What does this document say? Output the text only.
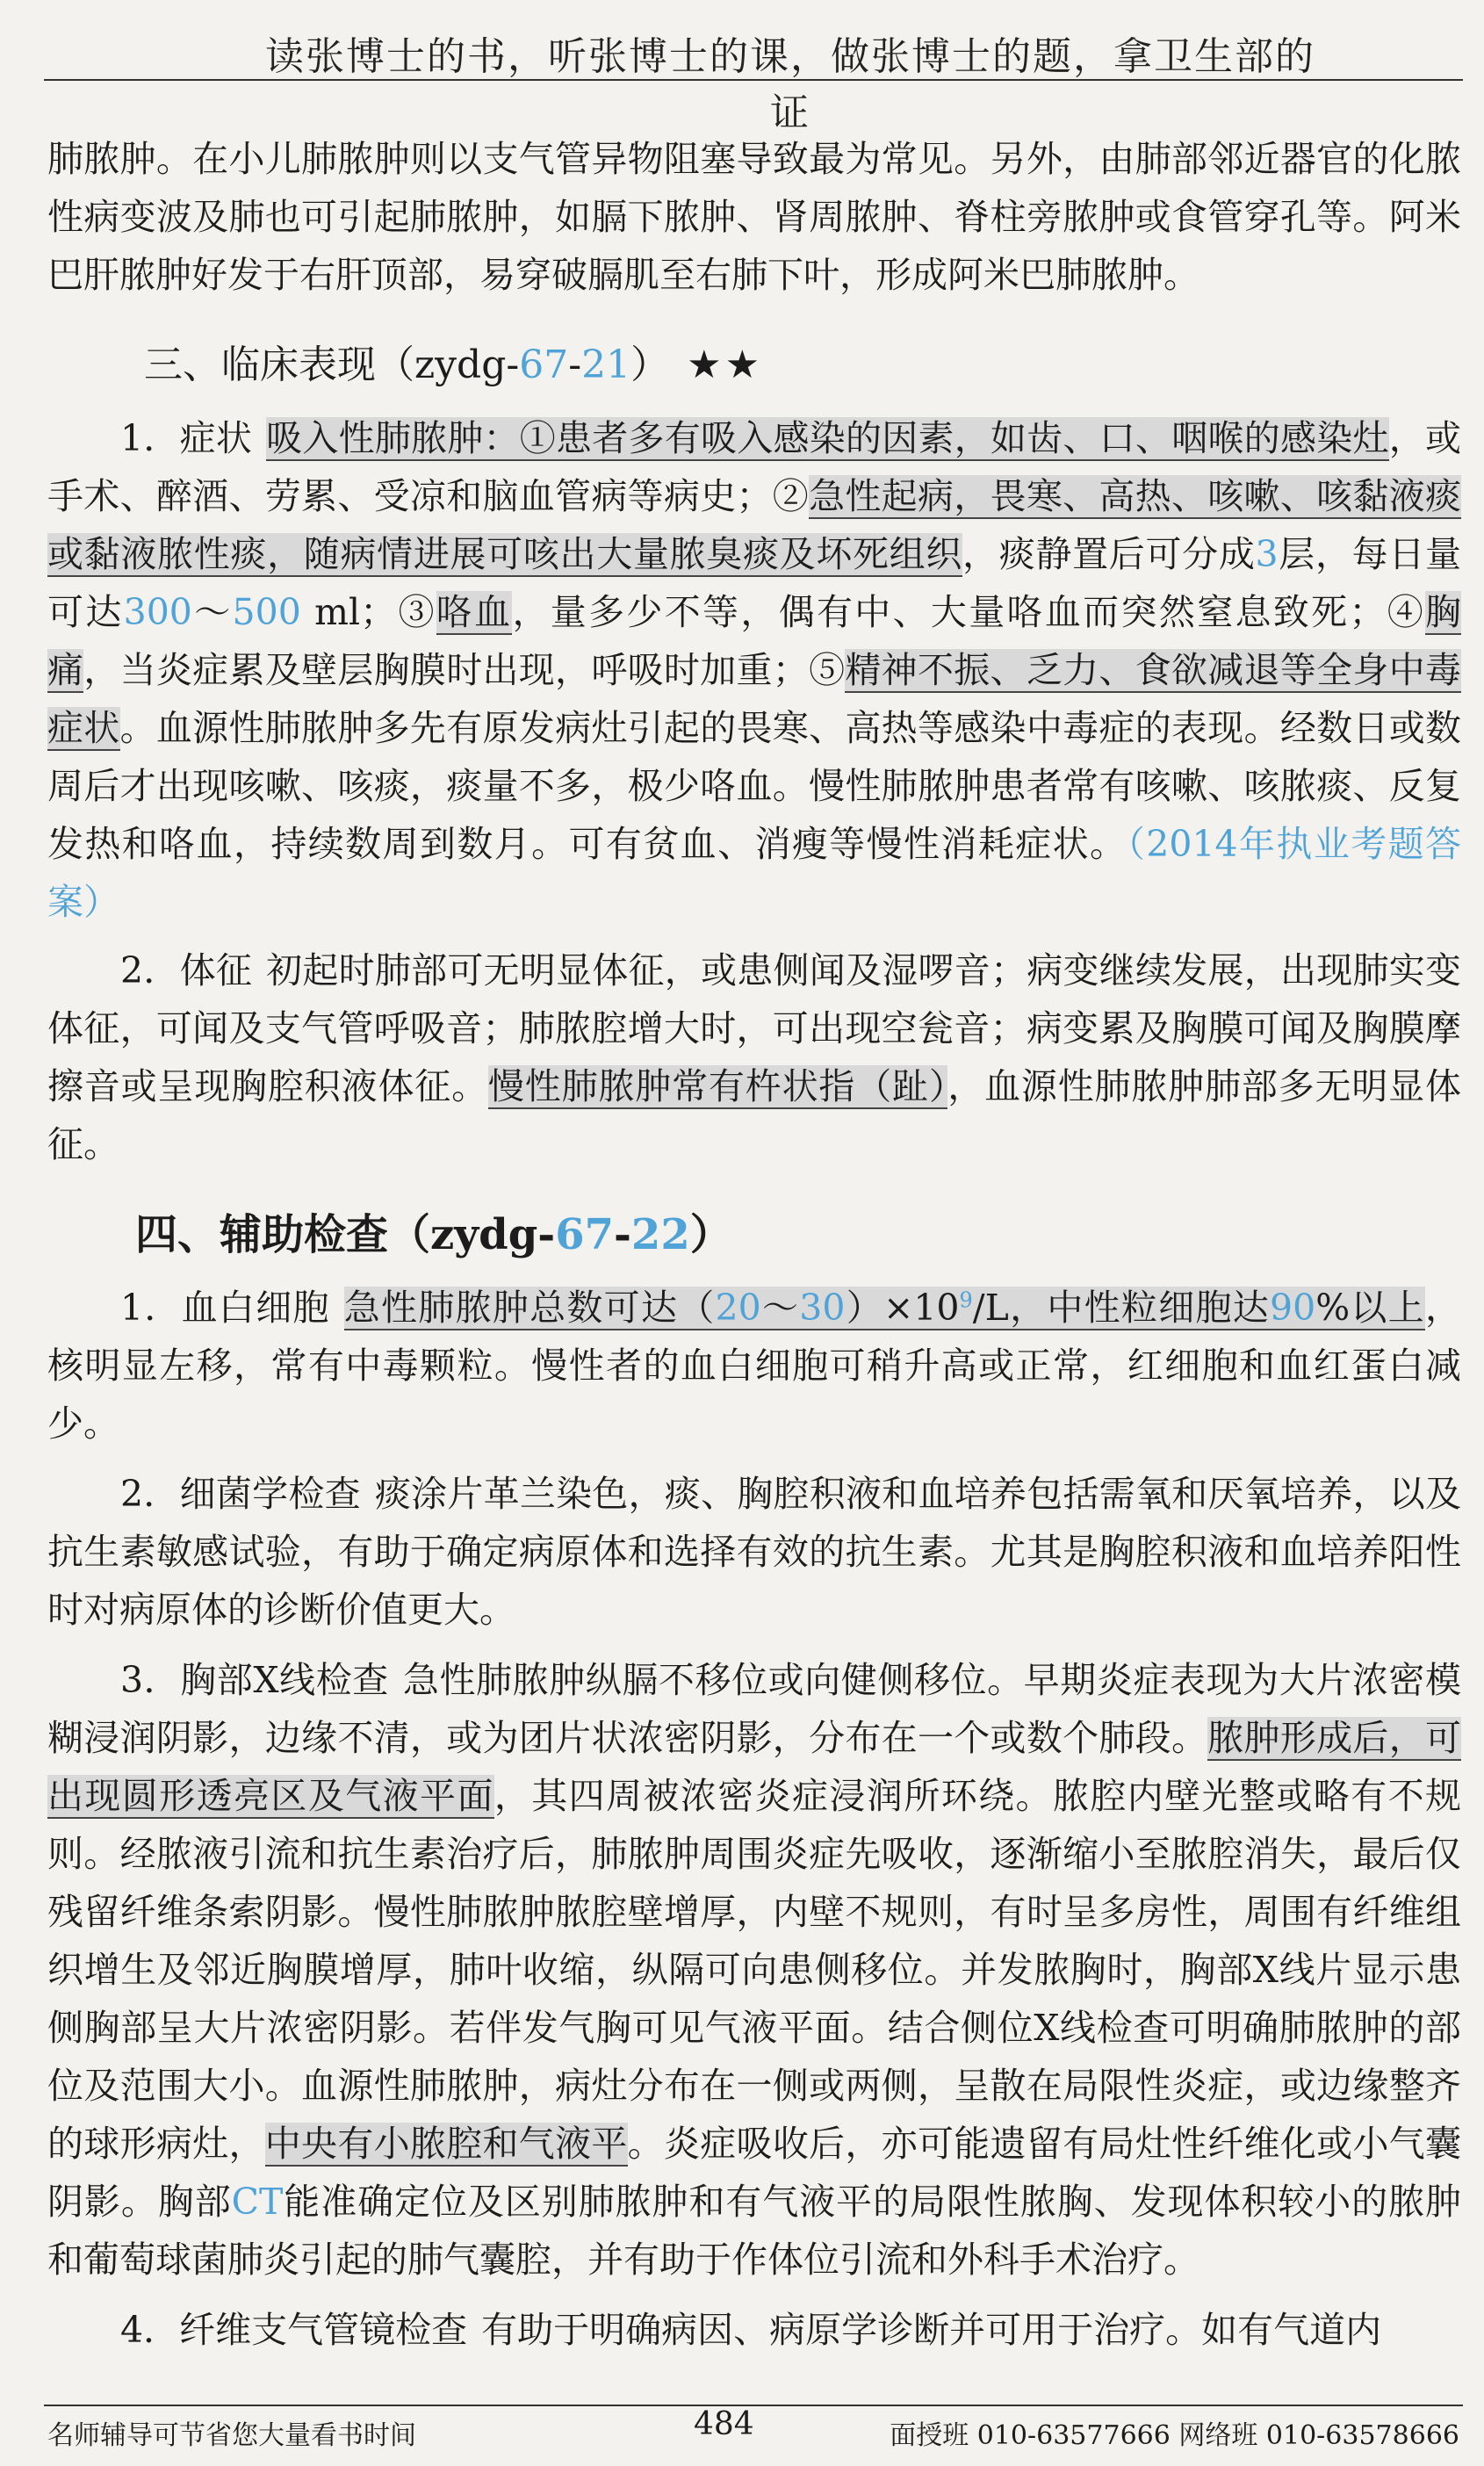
读张博士的书，听张博士的课，做张博士的题，拿卫生部的证

肺脓肿。在小儿肺脓肿则以支气管异物阻塞导致最为常见。另外，由肺部邻近器官的化脓性病变波及肺也可引起肺脓肿，如膈下脓肿、肾周脓肿、脊柱旁脓肿或食管穿孔等。阿米巴肝脓肿好发于右肝顶部，易穿破膈肌至右肺下叶，形成阿米巴肺脓肿。

三、临床表现（zydg-67-21） ★★

1．症状 吸入性肺脓肿：①患者多有吸入感染的因素，如齿、口、咽喉的感染灶，或手术、醉酒、劳累、受凉和脑血管病等病史；②急性起病，畏寒、高热、咳嗽、咳黏液痰或黏液脓性痰，随病情进展可咳出大量脓臭痰及坏死组织，痰静置后可分成3层，每日量可达300～500 ml；③咯血，量多少不等，偶有中、大量咯血而突然窒息致死；④胸痛，当炎症累及壁层胸膜时出现，呼吸时加重；⑤精神不振、乏力、食欲减退等全身中毒症状。血源性肺脓肿多先有原发病灶引起的畏寒、高热等感染中毒症的表现。经数日或数周后才出现咳嗽、咳痰，痰量不多，极少咯血。慢性肺脓肿患者常有咳嗽、咳脓痰、反复发热和咯血，持续数周到数月。可有贫血、消瘦等慢性消耗症状。（2014年执业考题答案）

2．体征 初起时肺部可无明显体征，或患侧闻及湿啰音；病变继续发展，出现肺实变体征，可闻及支气管呼吸音；肺脓腔增大时，可出现空瓮音；病变累及胸膜可闻及胸膜摩擦音或呈现胸腔积液体征。慢性肺脓肿常有杵状指（趾），血源性肺脓肿肺部多无明显体征。

四、辅助检查（zydg-67-22）

1．血白细胞 急性肺脓肿总数可达$(20\sim 30)\times 10^9/L$，中性粒细胞达90%以上，核明显左移，常有中毒颗粒。慢性者的血白细胞可稍升高或正常，红细胞和血红蛋白减少。

2．细菌学检查 痰涂片革兰染色，痰、胸腔积液和血培养包括需氧和厌氧培养，以及抗生素敏感试验，有助于确定病原体和选择有效的抗生素。尤其是胸腔积液和血培养阳性时对病原体的诊断价值更大。

3．胸部X线检查 急性肺脓肿纵膈不移位或向健侧移位。早期炎症表现为大片浓密模糊浸润阴影，边缘不清，或为团片状浓密阴影，分布在一个或数个肺段。脓肿形成后，可出现圆形透亮区及气液平面，其四周被浓密炎症浸润所环绕。脓腔内壁光整或略有不规则。经脓液引流和抗生素治疗后，肺脓肿周围炎症先吸收，逐渐缩小至脓腔消失，最后仅残留纤维条索阴影。慢性肺脓肿脓腔壁增厚，内壁不规则，有时呈多房性，周围有纤维组织增生及邻近胸膜增厚，肺叶收缩，纵隔可向患侧移位。并发脓胸时，胸部X线片显示患侧胸部呈大片浓密阴影。若伴发气胸可见气液平面。结合侧位X线检查可明确肺脓肿的部位及范围大小。血源性肺脓肿，病灶分布在一侧或两侧，呈散在局限性炎症，或边缘整齐的球形病灶，中央有小脓腔和气液平。炎症吸收后，亦可能遗留有局灶性纤维化或小气囊阴影。胸部CT能准确定位及区别肺脓肿和有气液平的局限性脓胸、发现体积较小的脓肿和葡萄球菌肺炎引起的肺气囊腔，并有助于作体位引流和外科手术治疗。

4．纤维支气管镜检查 有助于明确病因、病原学诊断并可用于治疗。如有气道内

名师辅导可节省您大量看书时间	484	面授班 010-63577666 网络班 010-63578666
